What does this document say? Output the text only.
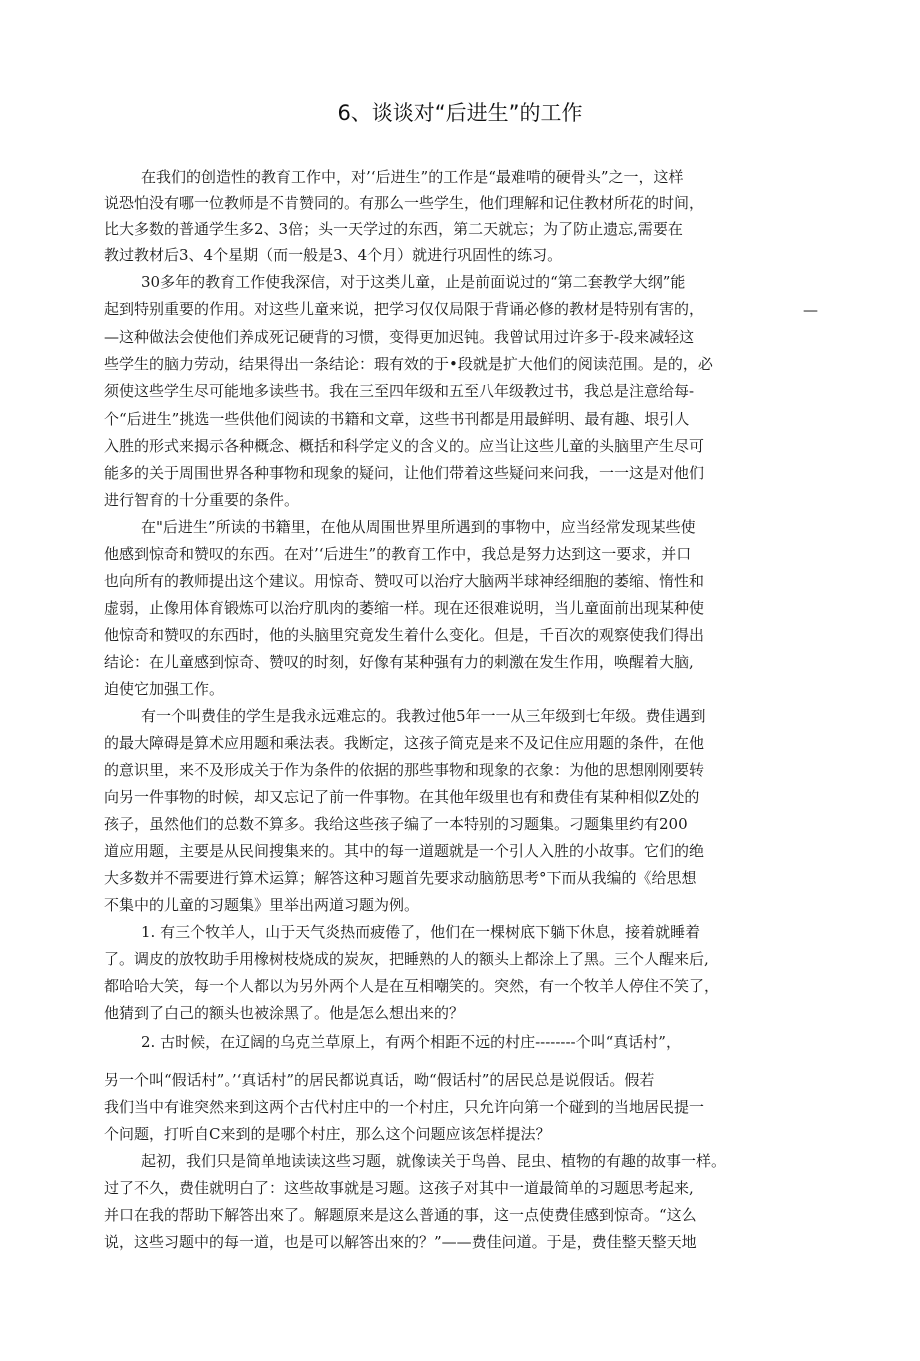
6、谈谈对“后进生”的工作
在我们的创造性的教育工作中，对’‘后进生”的工作是“最难啃的硬骨头”之一，这样
说恐怕没有哪一位教师是不肯赞同的。有那么一些学生，他们理解和记住教材所花的时间，
比大多数的普通学生多2、3倍；头一天学过的东西，第二天就忘；为了防止遗忘,需要在
教过教材后3、4个星期（而一般是3、4个月）就进行巩固性的练习。
30多年的教育工作使我深信，对于这类儿童，止是前面说过的“第二套教学大纲”能
起到特别重要的作用。对这些儿童来说，把学习仅仅局限于背诵必修的教材是特别有害的，	—
—这种做法会使他们养成死记硬背的习惯，变得更加迟钝。我曾试用过许多于-段来减轻这
些学生的脑力劳动，结果得出一条结论：瑕有效的于•段就是扩大他们的阅读范围。是的，必
须使这些学生尽可能地多读些书。我在三至四年级和五至八年级教过书，我总是注意给每-
个“后进生”挑选一些供他们阅读的书籍和文章，这些书刊都是用最鲜明、最有趣、垠引人
入胜的形式来揭示各种概念、概括和科学定义的含义的。应当让这些儿童的头脑里产生尽可
能多的关于周围世界各种事物和现象的疑问，让他们带着这些疑问来问我，一一这是对他们
进行智育的十分重要的条件。
在"后进生”所读的书籍里，在他从周围世界里所遇到的事物中，应当经常发现某些使
他感到惊奇和赞叹的东西。在对’‘后进生”的教育工作中，我总是努力达到这一要求，并口
也向所有的教师提出这个建议。用惊奇、赞叹可以治疗大脑两半球神经细胞的萎缩、惰性和
虚弱，止像用体育锻炼可以治疗肌肉的萎缩一样。现在还很难说明，当儿童面前出现某种使
他惊奇和赞叹的东西时，他的头脑里究竟发生着什么变化。但是，千百次的观察使我们得出
结论：在儿童感到惊奇、赞叹的时刻，好像有某种强有力的刺激在发生作用，唤醒着大脑,
迫使它加强工作。
有一个叫费佳的学生是我永远难忘的。我教过他5年一一从三年级到七年级。费佳遇到
的最大障碍是算术应用题和乘法表。我断定，这孩子简克是来不及记住应用题的条件，在他
的意识里，来不及形成关于作为条件的依据的那些事物和现象的衣象：为他的思想刚刚要转
向另一件事物的时候，却又忘记了前一件事物。在其他年级里也有和费佳有某种相似Z处的
孩子，虽然他们的总数不算多。我给这些孩子编了一本特别的习题集。刁题集里约有200
道应用题，主要是从民间搜集来的。其中的每一道题就是一个引人入胜的小故事。它们的绝
大多数并不需要进行算术运算；解答这种习题首先要求动脑筋思考°下而从我编的《给思想
不集中的儿童的习题集》里举出两道习题为例。
1. 有三个牧羊人，山于天气炎热而疲倦了，他们在一棵树底下躺下休息，接着就睡着
了。调皮的放牧助手用橡树枝烧成的炭灰，把睡熟的人的额头上都涂上了黑。三个人醒来后,
都哈哈大笑，每一个人都以为另外两个人是在互相嘲笑的。突然，有一个牧羊人停住不笑了，
他猜到了白己的额头也被涂黑了。他是怎么想出来的？
2. 古时候，在辽阔的乌克兰草原上，有两个相距不远的村庄--------个叫“真话村”，
另一个叫“假话村”。’‘真话村”的居民都说真话，呦“假话村”的居民总是说假话。假若
我们当中有谁突然来到这两个古代村庄中的一个村庄，只允许向第一个碰到的当地居民提一
个问题，打听自C来到的是哪个村庄，那么这个问题应该怎样提法？
起初，我们只是简单地读读这些习题，就像读关于鸟兽、昆虫、植物的有趣的故事一样。
过了不久，费佳就明白了：这些故事就是习题。这孩子对其中一道最简单的习题思考起来,
并口在我的帮助下解答出來了。解题原来是这么普通的事，这一点使费佳感到惊奇。“这么
说，这些习题中的每一道，也是可以解答出來的？”——费佳问道。于是，费佳整天整天地
